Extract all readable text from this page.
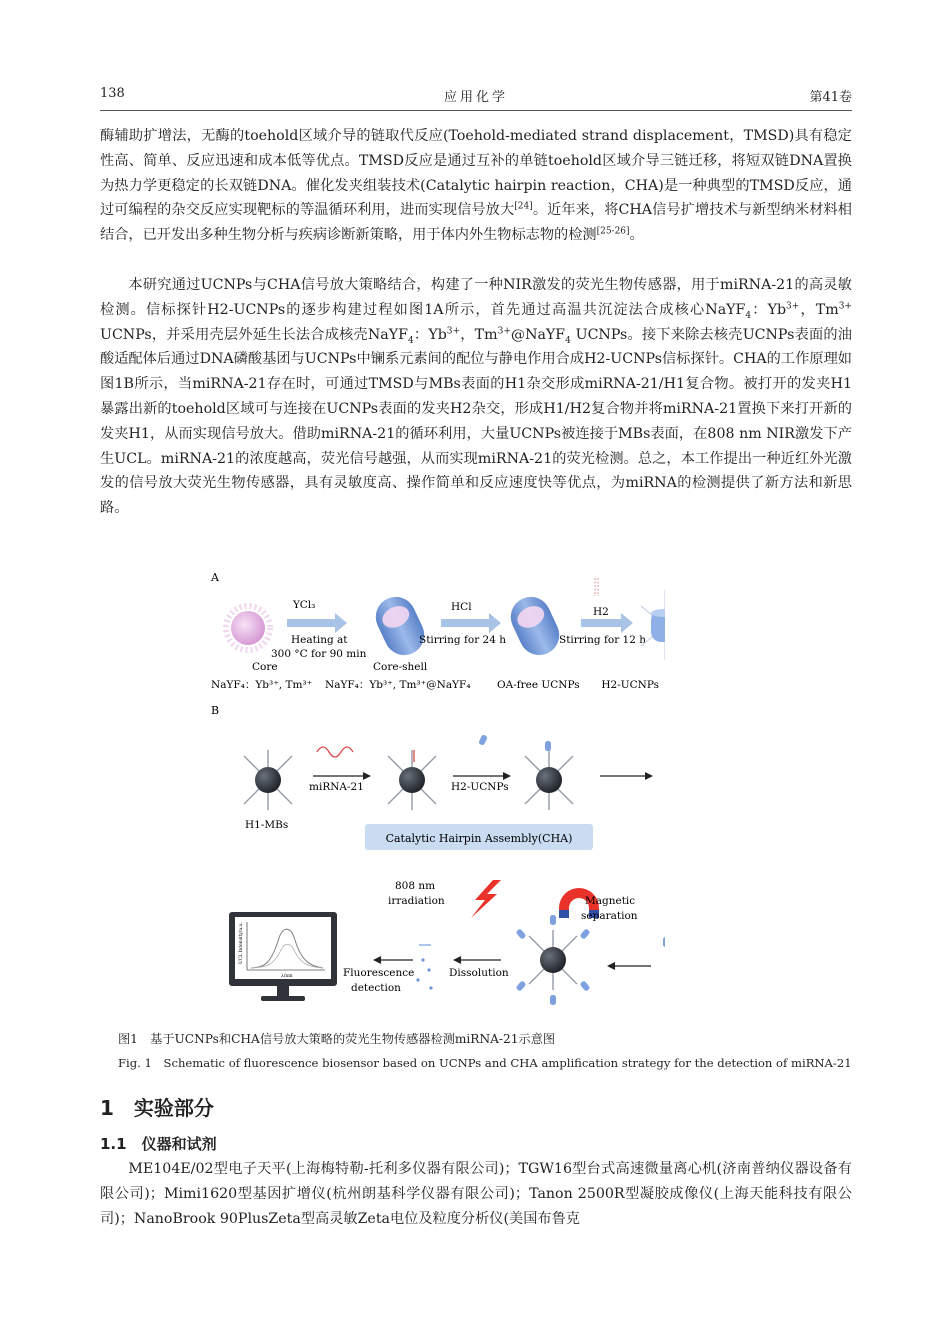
138	应用化学	第41卷

酶辅助扩增法，无酶的toehold区域介导的链取代反应(Toehold-mediated strand displacement，TMSD)具有稳定性高、简单、反应迅速和成本低等优点。TMSD反应是通过互补的单链toehold区域介导三链迁移，将短双链DNA置换为热力学更稳定的长双链DNA。催化发夹组装技术(Catalytic hairpin reaction，CHA)是一种典型的TMSD反应，通过可编程的杂交反应实现靶标的等温循环利用，进而实现信号放大[24]。近年来，将CHA信号扩增技术与新型纳米材料相结合，已开发出多种生物分析与疾病诊断新策略，用于体内外生物标志物的检测[25-26]。

本研究通过UCNPs与CHA信号放大策略结合，构建了一种NIR激发的荧光生物传感器，用于miRNA-21的高灵敏检测。信标探针H2-UCNPs的逐步构建过程如图1A所示，首先通过高温共沉淀法合成核心NaYF$_4$：$Yb^{3+}$，$Tm^{3+}$ UCNPs，并采用壳层外延生长法合成核壳NaYF$_4$：$Yb^{3+}$，$Tm^{3+}@NaYF_4$ UCNPs。接下来除去核壳UCNPs表面的油酸适配体后通过DNA磷酸基团与UCNPs中镧系元素间的配位与静电作用合成H2-UCNPs信标探针。CHA的工作原理如图1B所示，当miRNA-21存在时，可通过TMSD与MBs表面的H1杂交形成miRNA-21/H1复合物。被打开的发夹H1暴露出新的toehold区域可与连接在UCNPs表面的发夹H2杂交，形成H1/H2复合物并将miRNA-21置换下来打开新的发夹H1，从而实现信号放大。借助miRNA-21的循环利用，大量UCNPs被连接于MBs表面，在808 nm NIR激发下产生UCL。miRNA-21的浓度越高，荧光信号越强，从而实现miRNA-21的荧光检测。总之，本工作提出一种近红外光激发的信号放大荧光生物传感器，具有灵敏度高、操作简单和反应速度快等优点，为miRNA的检测提供了新方法和新思路。

A
YCl₃
Heating at
300 °C for 90 min
HCl
Stirring for 24 h
H2
Stirring for 12 h
Core
NaYF₄：Yb³⁺, Tm³⁺
Core-shell
NaYF₄：Yb³⁺, Tm³⁺@NaYF₄	OA-free UCNPs H2-UCNPs
B
H1-MBs
miRNA-21	H2-UCNPs
Catalytic Hairpin Assembly(CHA)
Magnetic
separation
808 nm
irradiation
Dissolution
Fluorescence
detection
UCL Intensity/a.u.
λ/nm
图1　基于UCNPs和CHA信号放大策略的荧光生物传感器检测miRNA-21示意图
Fig. 1　Schematic of fluorescence biosensor based on UCNPs and CHA amplification strategy for the detection of miRNA-21
1　实验部分
1.1　仪器和试剂

ME104E/02型电子天平(上海梅特勒-托利多仪器有限公司)；TGW16型台式高速微量离心机(济南普纳仪器设备有限公司)；Mimi1620型基因扩增仪(杭州朗基科学仪器有限公司)；Tanon 2500R型凝胶成像仪(上海天能科技有限公司)；NanoBrook 90PlusZeta型高灵敏Zeta电位及粒度分析仪(美国布鲁克
